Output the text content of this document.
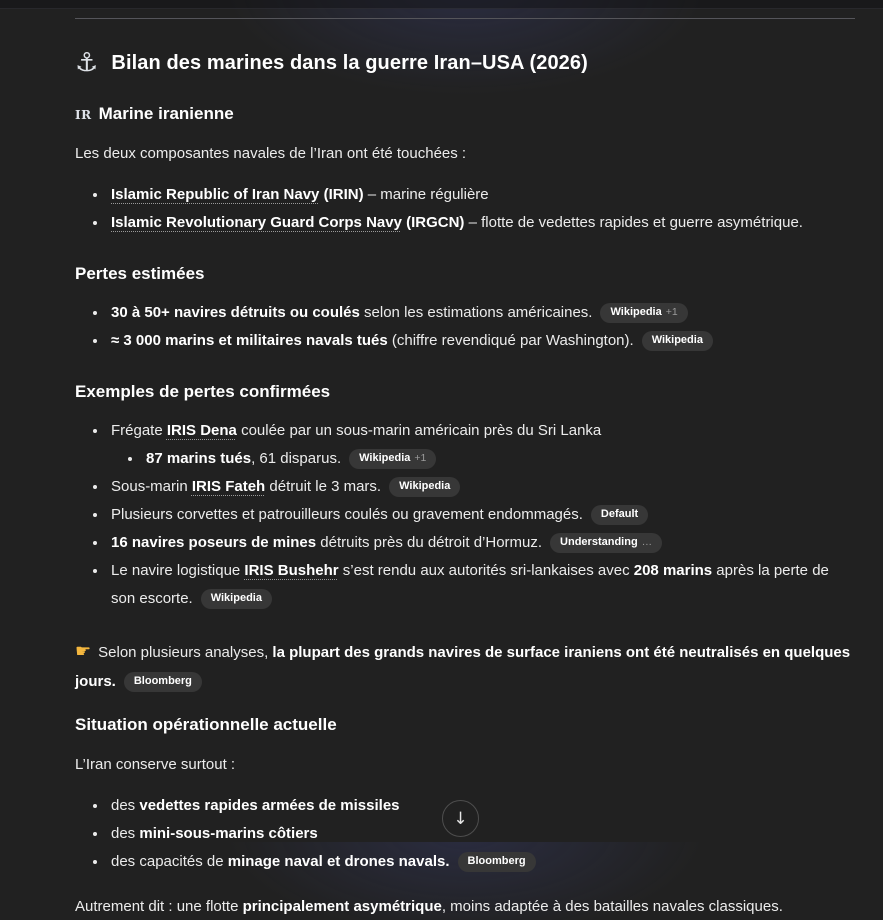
⚓ Bilan des marines dans la guerre Iran–USA (2026)
IR Marine iranienne

Les deux composantes navales de l’Iran ont été touchées :

• Islamic Republic of Iran Navy (IRIN) – marine régulière
• Islamic Revolutionary Guard Corps Navy (IRGCN) – flotte de vedettes rapides et guerre asymétrique.
Pertes estimées
• 30 à 50+ navires détruits ou coulés selon les estimations américaines. Wikipedia +1
• ≈ 3 000 marins et militaires navals tués (chiffre revendiqué par Washington). Wikipedia
Exemples de pertes confirmées
• Frégate IRIS Dena coulée par un sous-marin américain près du Sri Lanka
• 87 marins tués, 61 disparus. Wikipedia +1
• Sous-marin IRIS Fateh détruit le 3 mars. Wikipedia
• Plusieurs corvettes et patrouilleurs coulés ou gravement endommagés. Default
• 16 navires poseurs de mines détruits près du détroit d’Hormuz. Understanding …
• Le navire logistique IRIS Bushehr s’est rendu aux autorités sri-lankaises avec 208 marins après la perte de son escorte. Wikipedia

☛ Selon plusieurs analyses, la plupart des grands navires de surface iraniens ont été neutralisés en quelques jours. Bloomberg

Situation opérationnelle actuelle

L’Iran conserve surtout :

• des vedettes rapides armées de missiles
• des mini-sous-marins côtiers
• des capacités de minage naval et drones navals. Bloomberg

Autrement dit : une flotte principalement asymétrique, moins adaptée à des batailles navales classiques.

↓
